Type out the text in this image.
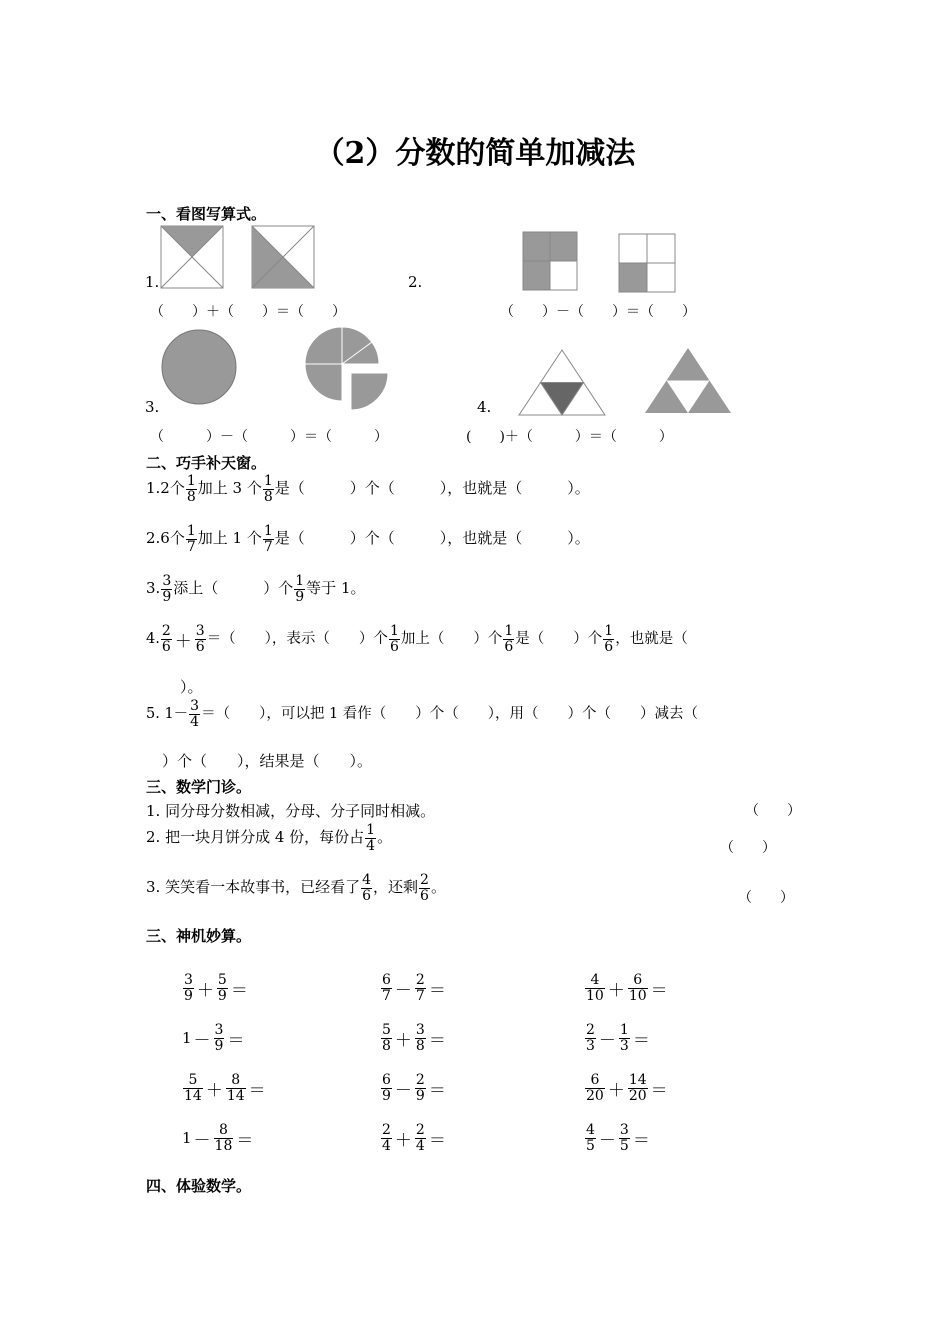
（2）分数的简单加减法
一、看图写算式。
1.	2.
（　　）＋（　　）＝（　　）	（　　）－（　　）＝（　　）
3.	4.
（　　　）－（　　　）＝（　　　）	(　　)＋（　　　）＝（　　　）
二、巧手补天窗。
1.2个 $\frac{1}{8}$ 加上 3 个 $\frac{1}{8}$ 是（　　　）个（　　　），也就是（　　　）。
2.6个 $\frac{1}{7}$ 加上 1 个 $\frac{1}{7}$ 是（　　　）个（　　　），也就是（　　　）。
3. $\frac{3}{9}$ 添上（　　　）个 $\frac{1}{9}$ 等于 1。
4. $\frac{2}{6} + \frac{3}{6}$ ＝（　　），表示（　　）个 $\frac{1}{6}$ 加上（　　）个 $\frac{1}{6}$ 是（　　）个 $\frac{1}{6}$ ，也就是（
）。
5. $1- \frac{3}{4}$ ＝（　　），可以把 1 看作（　　）个（　　），用（　　）个（　　）减去（
）个（　　），结果是（　　）。
三、数学门诊。
1. 同分母分数相减，分母、分子同时相减。	（　　）
2. 把一块月饼分成 4 份，每份占 $\frac{1}{4}$ 。
（　　）
3. 笑笑看一本故事书，已经看了 $\frac{4}{6}$ ，还剩 $\frac{2}{6}$ 。
（　　）
三、神机妙算。
$\frac{3}{9} + \frac{5}{9}$ ＝	$\frac{6}{7} - \frac{2}{7}$ ＝	$\frac{4}{10} + \frac{6}{10}$ ＝
$1 - \frac{3}{9}$ ＝	$\frac{5}{8} + \frac{3}{8}$ ＝	$\frac{2}{3} - \frac{1}{3}$ ＝
$\frac{5}{14} + \frac{8}{14}$ ＝	$\frac{6}{9} - \frac{2}{9}$ ＝	$\frac{6}{20} + \frac{14}{20}$ ＝
$1 - \frac{8}{18}$ ＝	$\frac{2}{4} + \frac{2}{4}$ ＝	$\frac{4}{5} - \frac{3}{5}$ ＝
四、体验数学。
